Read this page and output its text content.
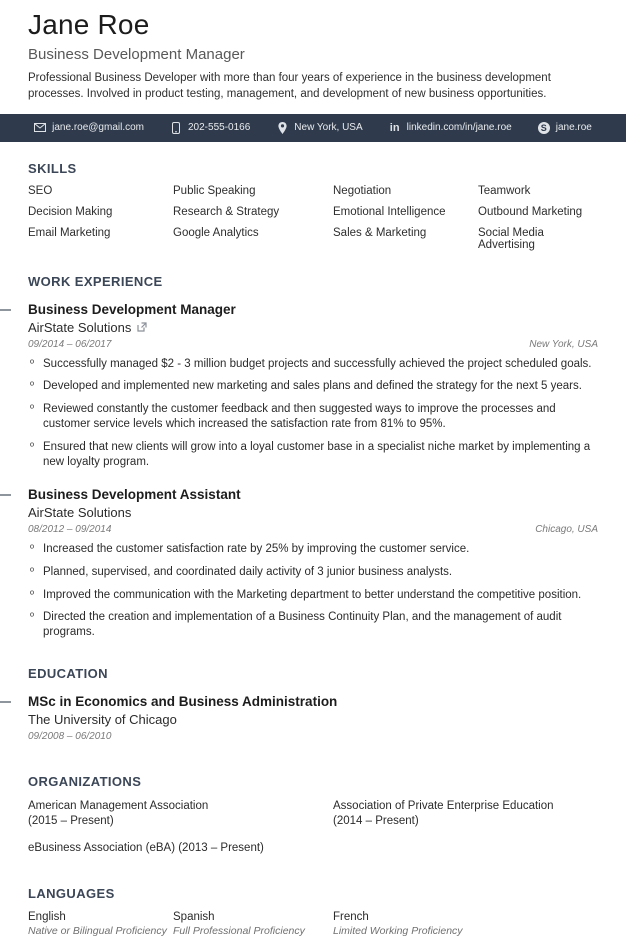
Jane Roe
Business Development Manager
Professional Business Developer with more than four years of experience in the business development processes. Involved in product testing, management, and development of new business opportunities.
jane.roe@gmail.com	202-555-0166	New York, USA in linkedin.com/in/jane.roe	S jane.roe
SKILLS
SEO	Public Speaking	Negotiation	Teamwork
Decision Making	Research & Strategy	Emotional Intelligence	Outbound Marketing
Email Marketing	Google Analytics	Sales & Marketing	Social Media Advertising
WORK EXPERIENCE
Business Development Manager
AirState Solutions
09/2014 – 06/2017	New York, USA
º Successfully managed $2 - 3 million budget projects and successfully achieved the project scheduled goals.
º Developed and implemented new marketing and sales plans and defined the strategy for the next 5 years.
º Reviewed constantly the customer feedback and then suggested ways to improve the processes and customer service levels which increased the satisfaction rate from 81% to 95%.
º Ensured that new clients will grow into a loyal customer base in a specialist niche market by implementing a new loyalty program.
Business Development Assistant
AirState Solutions
08/2012 – 09/2014	Chicago, USA
º Increased the customer satisfaction rate by 25% by improving the customer service.
º Planned, supervised, and coordinated daily activity of 3 junior business analysts.
º Improved the communication with the Marketing department to better understand the competitive position.
º Directed the creation and implementation of a Business Continuity Plan, and the management of audit programs.
EDUCATION
MSc in Economics and Business Administration
The University of Chicago
09/2008 – 06/2010
ORGANIZATIONS
American Management Association
(2015 – Present)
Association of Private Enterprise Education
(2014 – Present)
eBusiness Association (eBA) (2013 – Present)
LANGUAGES
English
Native or Bilingual Proficiency
Spanish
Full Professional Proficiency
French
Limited Working Proficiency
